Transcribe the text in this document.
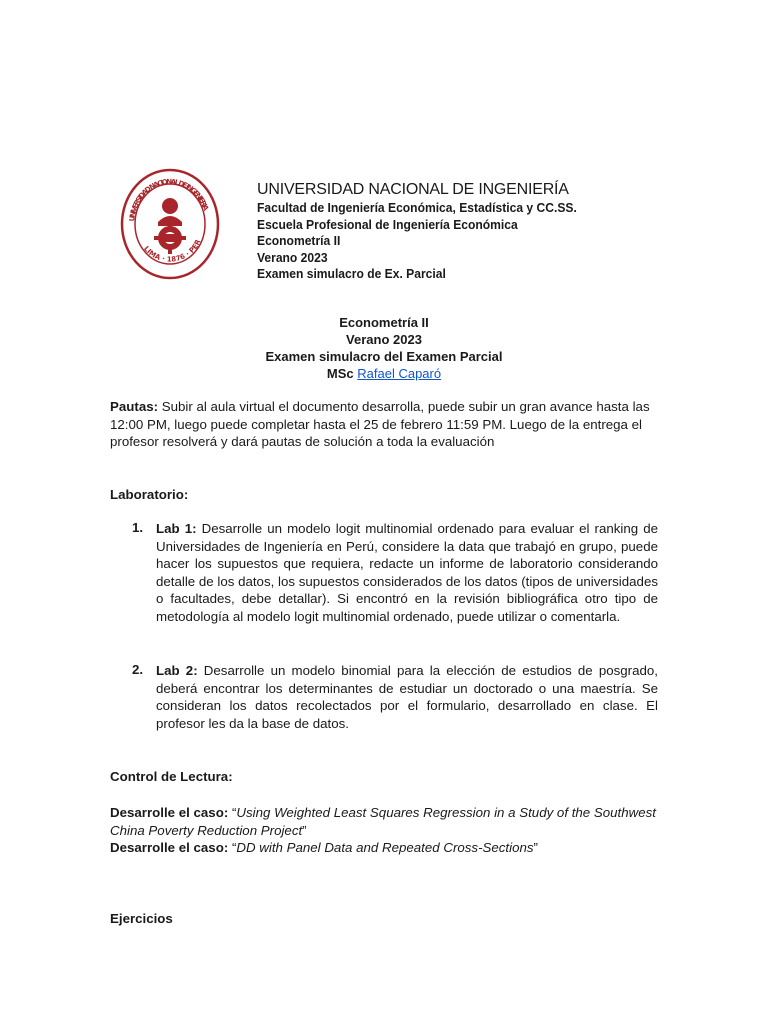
UNIVERSIDAD NACIONAL DE INGENIERIA
LIMA · 1876 · PER
UNIVERSIDAD NACIONAL DE INGENIERÍA
Facultad de Ingeniería Económica, Estadística y CC.SS.
Escuela Profesional de Ingeniería Económica
Econometría II
Verano 2023
Examen simulacro de Ex. Parcial
Econometría II
Verano 2023
Examen simulacro del Examen Parcial
MSc Rafael Caparó

Pautas: Subir al aula virtual el documento desarrolla, puede subir un gran avance hasta las 12:00 PM, luego puede completar hasta el 25 de febrero 11:59 PM. Luego de la entrega el profesor resolverá y dará pautas de solución a toda la evaluación

Laboratorio:
1. Lab 1: Desarrolle un modelo logit multinomial ordenado para evaluar el ranking de Universidades de Ingeniería en Perú, considere la data que trabajó en grupo, puede hacer los supuestos que requiera, redacte un informe de laboratorio considerando detalle de los datos, los supuestos considerados de los datos (tipos de universidades o facultades, debe detallar). Si encontró en la revisión bibliográfica otro tipo de metodología al modelo logit multinomial ordenado, puede utilizar o comentarla.
2. Lab 2: Desarrolle un modelo binomial para la elección de estudios de posgrado, deberá encontrar los determinantes de estudiar un doctorado o una maestría. Se consideran los datos recolectados por el formulario, desarrollado en clase. El profesor les da la base de datos.
Control de Lectura:

Desarrolle el caso: “Using Weighted Least Squares Regression in a Study of the Southwest China Poverty Reduction Project”

Desarrolle el caso: “DD with Panel Data and Repeated Cross-Sections”

Ejercicios
